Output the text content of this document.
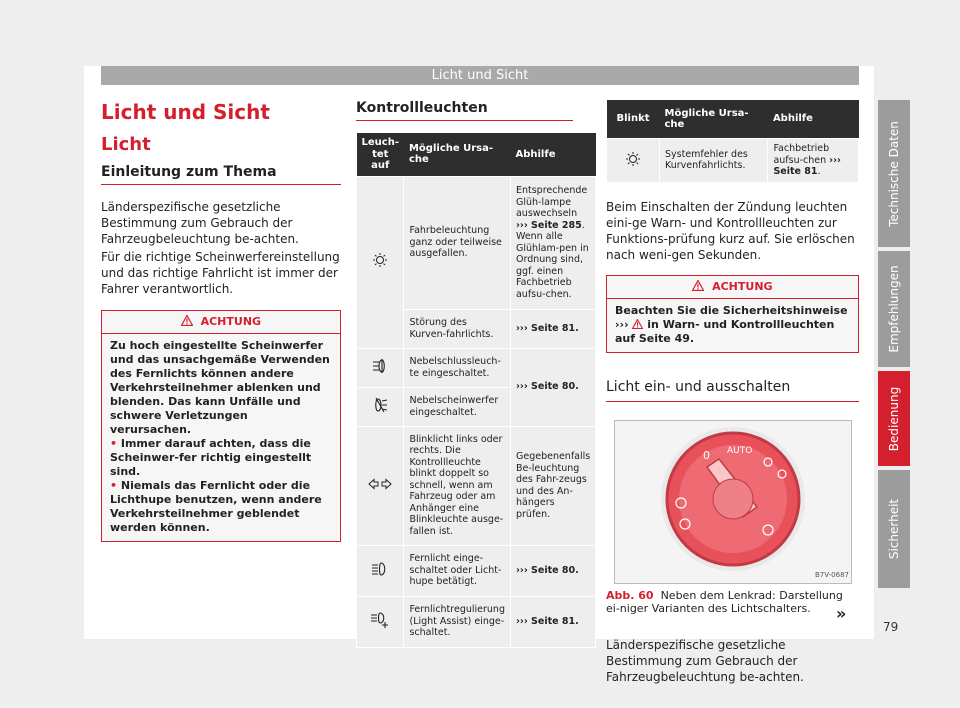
Licht und Sicht
Licht und Sicht
Licht
Einleitung zum Thema

Länderspezifische gesetzliche Bestimmung zum Gebrauch der Fahrzeugbeleuchtung be-achten.

Für die richtige Scheinwerfereinstellung und das richtige Fahrlicht ist immer der Fahrer verantwortlich.

ACHTUNG

Zu hoch eingestellte Scheinwerfer und das unsachgemäße Verwenden des Fernlichts können andere Verkehrsteilnehmer ablenken und blenden. Das kann Unfälle und schwere Verletzungen verursachen.

• Immer darauf achten, dass die Scheinwer-fer richtig eingestellt sind.

• Niemals das Fernlicht oder die Lichthupe benutzen, wenn andere Verkehrsteilnehmer geblendet werden können.

Kontrollleuchten
Leuch-tet auf	Mögliche Ursa-che	Abhilfe
	Fahrbeleuchtung ganz oder teilweise ausgefallen.	Entsprechende Glüh-lampe auswechseln ››› Seite 285. Wenn alle Glühlam-pen in Ordnung sind, ggf. einen Fachbetrieb aufsu-chen.
	Störung des Kurven-fahrlichts.	››› Seite 81.
	Nebelschlussleuch-te eingeschaltet.	››› Seite 80.
	Nebelscheinwerfer eingeschaltet.	
	Blinklicht links oder rechts. Die Kontrollleuchte blinkt doppelt so schnell, wenn am Fahrzeug oder am Anhänger eine Blinkleuchte ausge-fallen ist.	Gegebenenfalls Be-leuchtung des Fahr-zeugs und des An-hängers prüfen.
	Fernlicht einge-schaltet oder Licht-hupe betätigt.	››› Seite 80.
	Fernlichtregulierung (Light Assist) einge-schaltet.	››› Seite 81.
Blinkt	Mögliche Ursa-che	Abhilfe
	Systemfehler des Kurvenfahrlichts.	Fachbetrieb aufsu-chen ››› Seite 81.

Beim Einschalten der Zündung leuchten eini-ge Warn- und Kontrollleuchten zur Funktions-prüfung kurz auf. Sie erlöschen nach weni-gen Sekunden.

ACHTUNG
Beachten Sie die Sicherheitshinweise ›››  in Warn- und Kontrollleuchten auf Seite 49.
Licht ein- und ausschalten
0 AUTO
B7V-0687
Abb. 60 Neben dem Lenkrad: Darstellung ei-niger Varianten des Lichtschalters.

Länderspezifische gesetzliche Bestimmung zum Gebrauch der Fahrzeugbeleuchtung be-achten.

»
Technische Daten
Empfehlungen
Bedienung
Sicherheit
79
